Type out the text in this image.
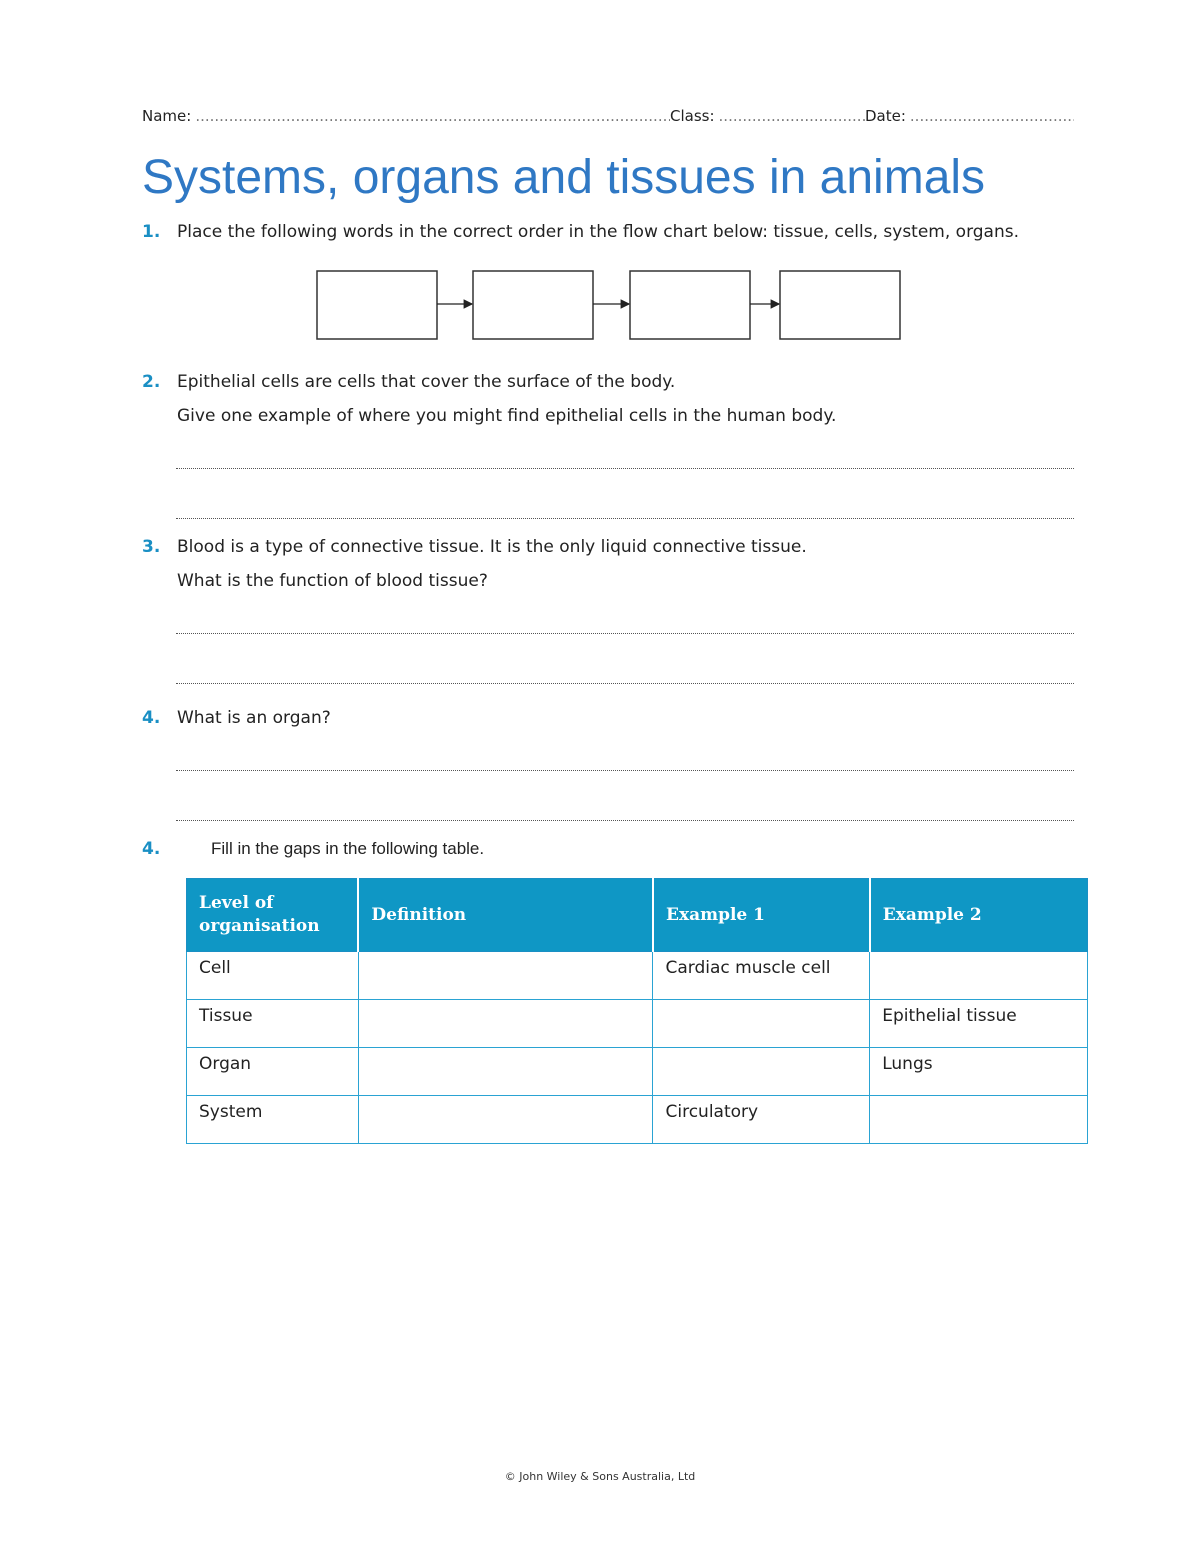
Name: .....	Class: .....	Date:
.....
Systems, organs and tissues in animals
1. Place the following words in the correct order in the flow chart below: tissue, cells, system, organs.
2. Epithelial cells are cells that cover the surface of the body.
Give one example of where you might find epithelial cells in the human body.
3. Blood is a type of connective tissue. It is the only liquid connective tissue.
What is the function of blood tissue?
4. What is an organ?
4.	Fill in the gaps in the following table.
Level of organisation	Definition	Example 1	Example 2
Cell		Cardiac muscle cell	
Tissue			Epithelial tissue
Organ			Lungs
System		Circulatory	
© John Wiley & Sons Australia, Ltd
